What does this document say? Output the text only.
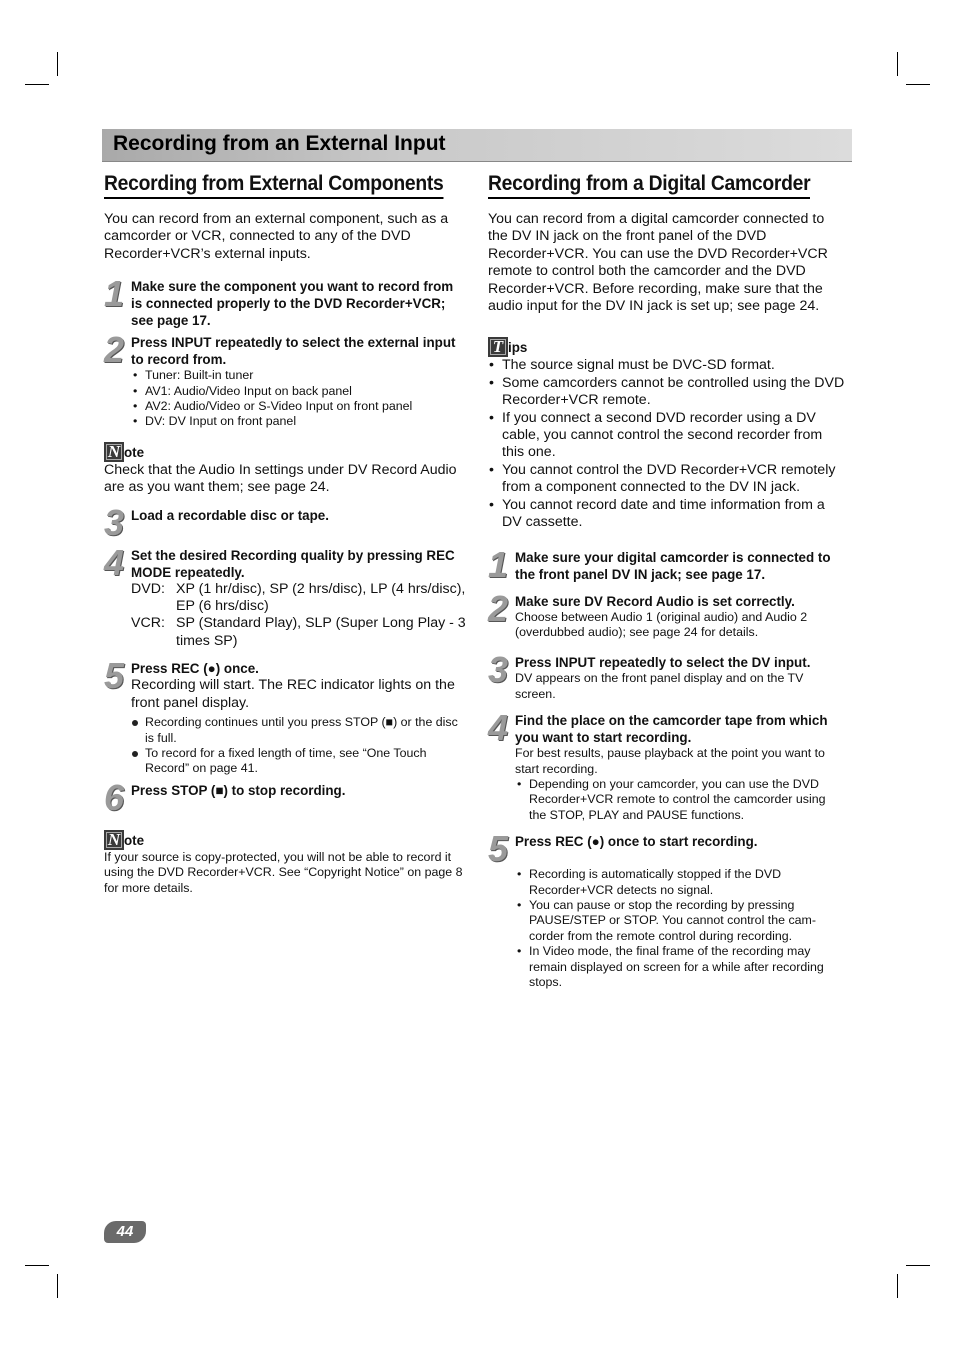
Recording from an External Input
Recording from External Components

You can record from an external component, such as a camcorder or VCR, connected to any of the DVD Recorder+VCR’s external inputs.

1 Make sure the component you want to record from is connected properly to the DVD Recorder+VCR; see page 17.
2 Press INPUT repeatedly to select the external input to record from.
• Tuner: Built-in tuner
• AV1: Audio/Video Input on back panel
• AV2: Audio/Video or S-Video Input on front panel
• DV: DV Input on front panel
N ote
Check that the Audio In settings under DV Record Audio are as you want them; see page 24.
3 Load a recordable disc or tape.
4 Set the desired Recording quality by pressing REC MODE repeatedly.
DVD: XP (1 hr/disc), SP (2 hrs/disc), LP (4 hrs/disc), EP (6 hrs/disc)
VCR: SP (Standard Play), SLP (Super Long Play - 3 times SP)
5 Press REC (●) once.
Recording will start. The REC indicator lights on the front panel display.
Recording continues until you press STOP (■) or the disc is full.
To record for a fixed length of time, see “One Touch Record” on page 41.
6 Press STOP (■) to stop recording.
N ote
If your source is copy-protected, you will not be able to record it using the DVD Recorder+VCR. See “Copyright Notice” on page 8 for more details.
Recording from a Digital Camcorder

You can record from a digital camcorder connected to the DV IN jack on the front panel of the DVD Recorder+VCR. You can use the DVD Recorder+VCR remote to control both the camcorder and the DVD Recorder+VCR. Before recording, make sure that the audio input for the DV IN jack is set up; see page 24.

T ips
• The source signal must be DVC-SD format.
• Some camcorders cannot be controlled using the DVD Recorder+VCR remote.
• If you connect a second DVD recorder using a DV cable, you cannot control the second recorder from this one.
• You cannot control the DVD Recorder+VCR remotely from a component connected to the DV IN jack.
• You cannot record date and time information from a DV cassette.
1 Make sure your digital camcorder is connected to the front panel DV IN jack; see page 17.
2 Make sure DV Record Audio is set correctly.
Choose between Audio 1 (original audio) and Audio 2 (overdubbed audio); see page 24 for details.
3 Press INPUT repeatedly to select the DV input.
DV appears on the front panel display and on the TV screen.
4 Find the place on the camcorder tape from which you want to start recording.
For best results, pause playback at the point you want to start recording.
• Depending on your camcorder, you can use the DVD Recorder+VCR remote to control the camcorder using the STOP, PLAY and PAUSE functions.
5 Press REC (●) once to start recording.
• Recording is automatically stopped if the DVD Recorder+VCR detects no signal.
• You can pause or stop the recording by pressing PAUSE/STEP or STOP. You cannot control the cam-corder from the remote control during recording.
• In Video mode, the final frame of the recording may remain displayed on screen for a while after recording stops.
44
